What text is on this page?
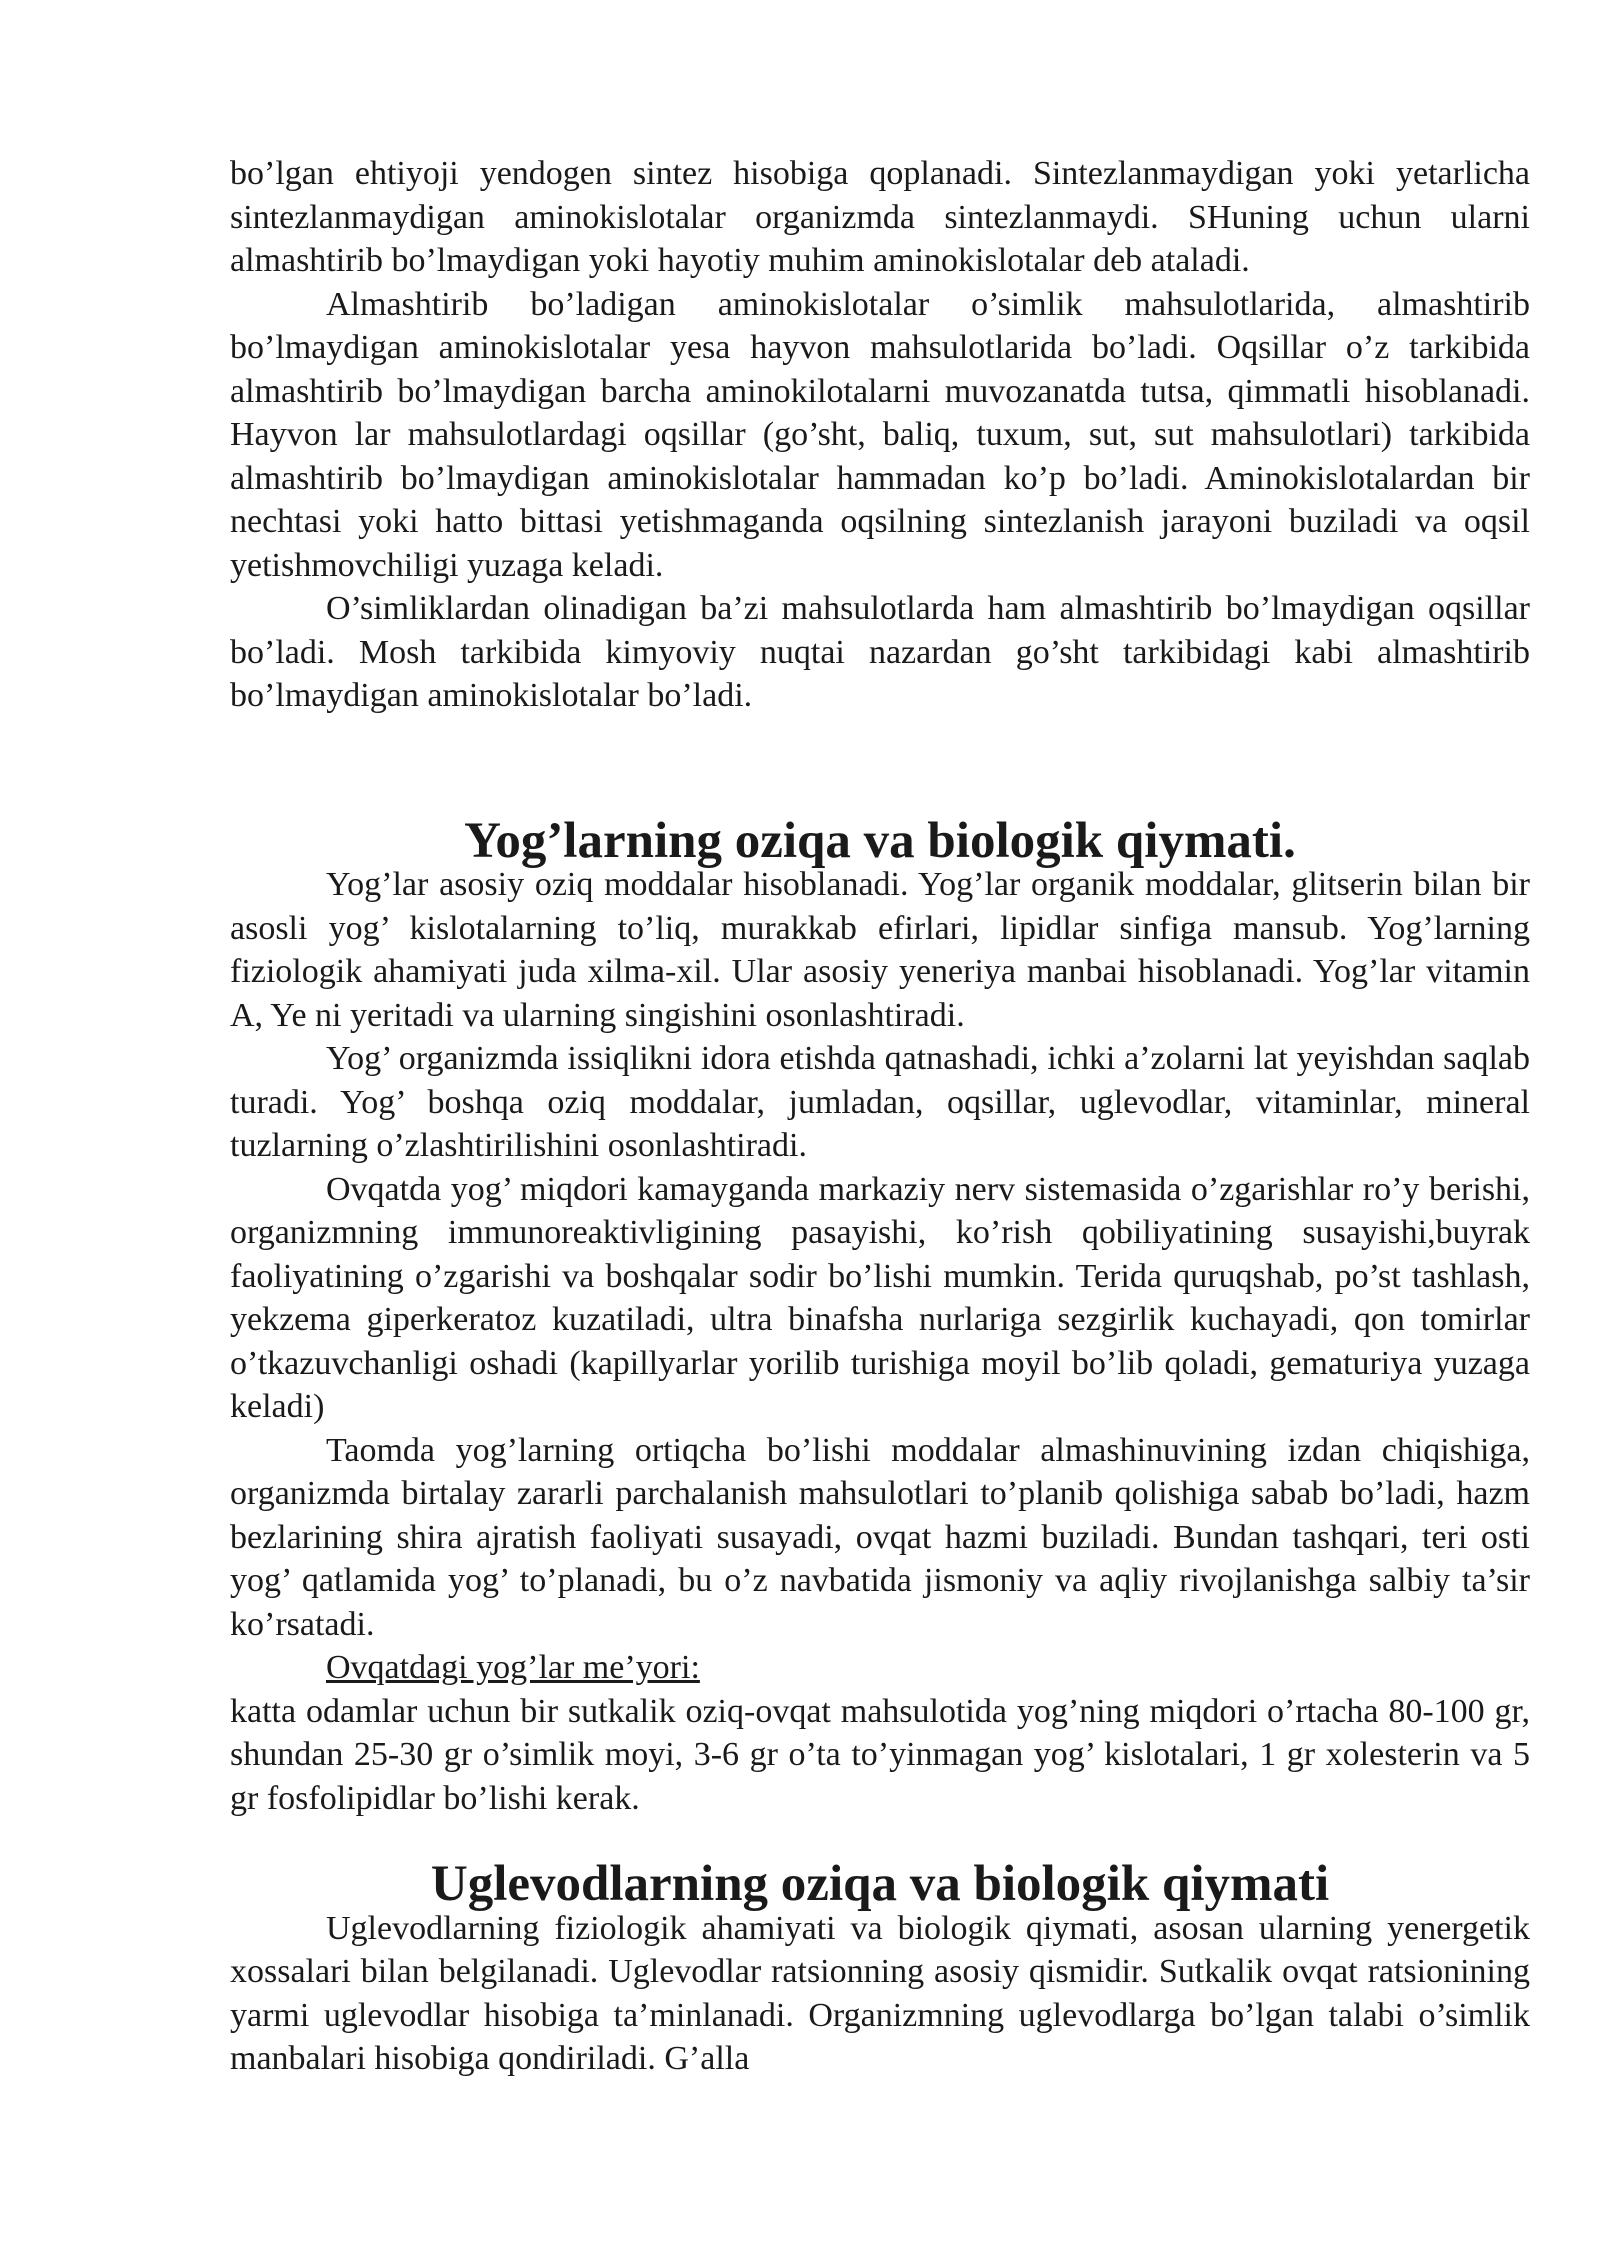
bo’lgan ehtiyoji yendogen sintez hisobiga qoplanadi. Sintezlanmaydigan yoki yetarlicha sintezlanmaydigan aminokislotalar organizmda sintezlanmaydi. SHuning uchun ularni almashtirib bo’lmaydigan yoki hayotiy muhim aminokislotalar deb ataladi.

Almashtirib bo’ladigan aminokislotalar o’simlik mahsulotlarida, almashtirib bo’lmaydigan aminokislotalar yesa hayvon mahsulotlarida bo’ladi. Oqsillar o’z tarkibida almashtirib bo’lmaydigan barcha aminokilotalarni muvozanatda tutsa, qimmatli hisoblanadi. Hayvon lar mahsulotlardagi oqsillar (go’sht, baliq, tuxum, sut, sut mahsulotlari) tarkibida almashtirib bo’lmaydigan aminokislotalar hammadan ko’p bo’ladi. Aminokislotalardan bir nechtasi yoki hatto bittasi yetishmaganda oqsilning sintezlanish jarayoni buziladi va oqsil yetishmovchiligi yuzaga keladi.

O’simliklardan olinadigan ba’zi mahsulotlarda ham almashtirib bo’lmaydigan oqsillar bo’ladi. Mosh tarkibida kimyoviy nuqtai nazardan go’sht tarkibidagi kabi almashtirib bo’lmaydigan aminokislotalar bo’ladi.

Yog’larning oziqa va biologik qiymati.

Yog’lar asosiy oziq moddalar hisoblanadi. Yog’lar organik moddalar, glitserin bilan bir asosli yog’ kislotalarning to’liq, murakkab efirlari, lipidlar sinfiga mansub. Yog’larning fiziologik ahamiyati juda xilma-xil. Ular asosiy yeneriya manbai hisoblanadi. Yog’lar vitamin A, Ye ni yeritadi va ularning singishini osonlashtiradi.

Yog’ organizmda issiqlikni idora etishda qatnashadi, ichki a’zolarni lat yeyishdan saqlab turadi. Yog’ boshqa oziq moddalar, jumladan, oqsillar, uglevodlar, vitaminlar, mineral tuzlarning o’zlashtirilishini osonlashtiradi.

Ovqatda yog’ miqdori kamayganda markaziy nerv sistemasida o’zgarishlar ro’y berishi, organizmning immunoreaktivligining pasayishi, ko’rish qobiliyatining susayishi,buyrak faoliyatining o’zgarishi va boshqalar sodir bo’lishi mumkin. Terida quruqshab, po’st tashlash, yekzema giperkeratoz kuzatiladi, ultra binafsha nurlariga sezgirlik kuchayadi, qon tomirlar o’tkazuvchanligi oshadi (kapillyarlar yorilib turishiga moyil bo’lib qoladi, gematuriya yuzaga keladi)

Taomda yog’larning ortiqcha bo’lishi moddalar almashinuvining izdan chiqishiga, organizmda birtalay zararli parchalanish mahsulotlari to’planib qolishiga sabab bo’ladi, hazm bezlarining shira ajratish faoliyati susayadi, ovqat hazmi buziladi. Bundan tashqari, teri osti yog’ qatlamida yog’ to’planadi, bu o’z navbatida jismoniy va aqliy rivojlanishga salbiy ta’sir ko’rsatadi.

Ovqatdagi yog’lar me’yori:

katta odamlar uchun bir sutkalik oziq-ovqat mahsulotida yog’ning miqdori o’rtacha 80-100 gr, shundan 25-30 gr o’simlik moyi, 3-6 gr o’ta to’yinmagan yog’ kislotalari, 1 gr xolesterin va 5 gr fosfolipidlar bo’lishi kerak.

Uglevodlarning oziqa va biologik qiymati

Uglevodlarning fiziologik ahamiyati va biologik qiymati, asosan ularning yenergetik xossalari bilan belgilanadi. Uglevodlar ratsionning asosiy qismidir. Sutkalik ovqat ratsionining yarmi uglevodlar hisobiga ta’minlanadi. Organizmning uglevodlarga bo’lgan talabi o’simlik manbalari hisobiga qondiriladi. G’alla
